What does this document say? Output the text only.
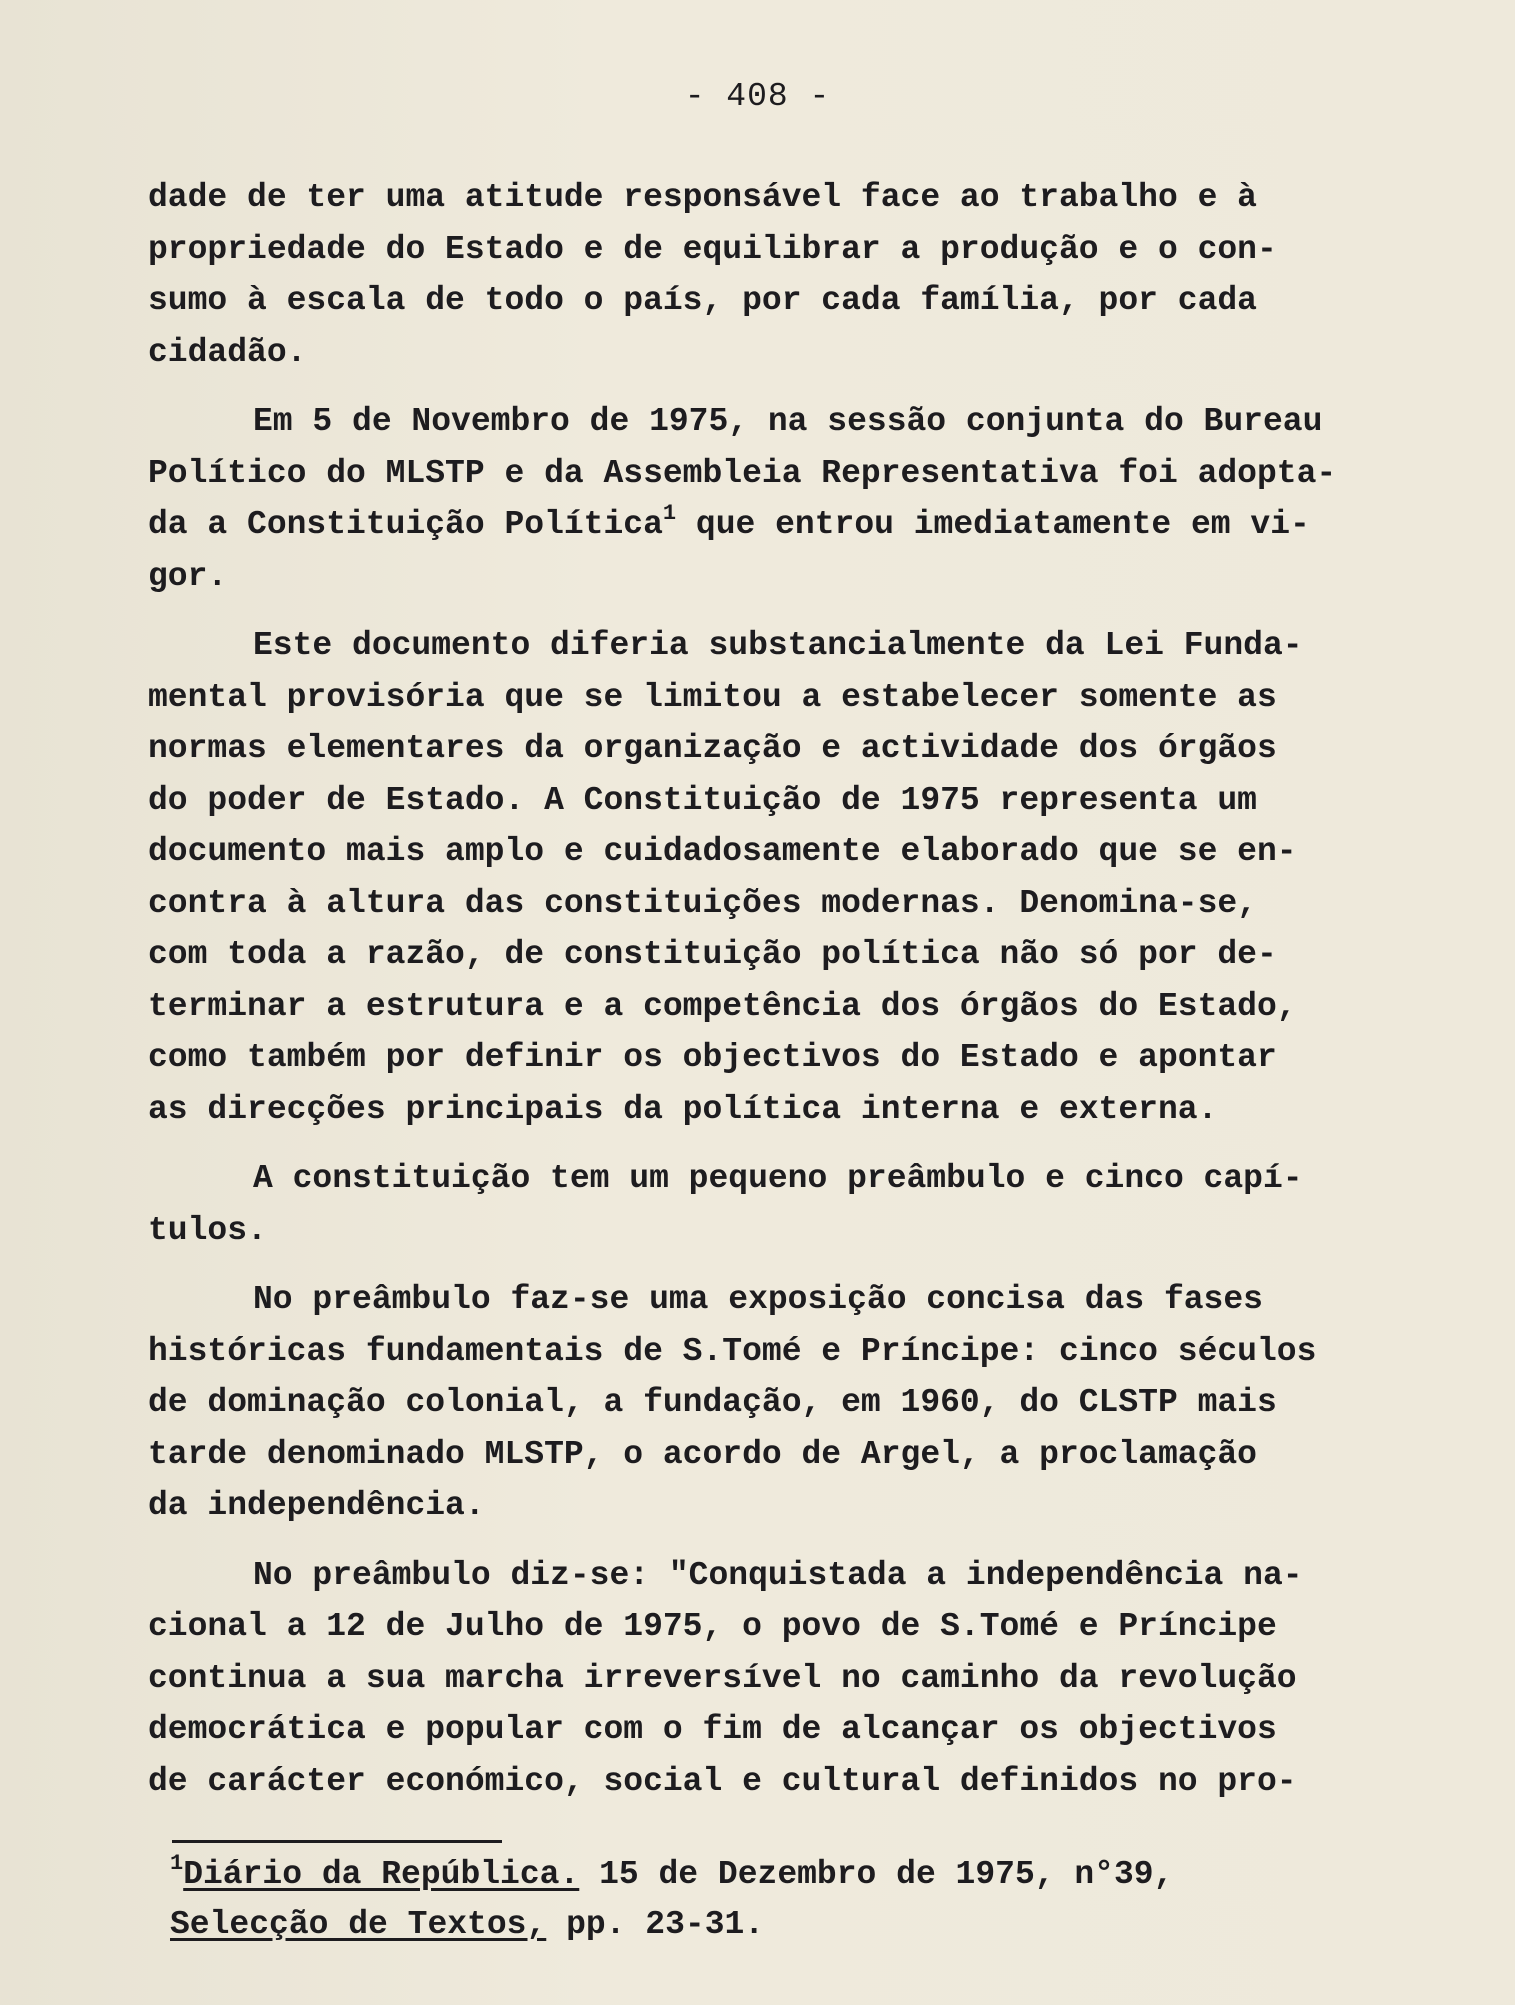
- 408 -
dade de ter uma atitude responsável face ao trabalho e à
propriedade do Estado e de equilibrar a produção e o con-
sumo à escala de todo o país, por cada família, por cada
cidadão.
Em 5 de Novembro de 1975, na sessão conjunta do Bureau
Político do MLSTP e da Assembleia Representativa foi adopta-
da a Constituição Política$^1$ que entrou imediatamente em vi-
gor.
Este documento diferia substancialmente da Lei Funda-
mental provisória que se limitou a estabelecer somente as
normas elementares da organização e actividade dos órgãos
do poder de Estado. A Constituição de 1975 representa um
documento mais amplo e cuidadosamente elaborado que se en-
contra à altura das constituições modernas. Denomina-se,
com toda a razão, de constituição política não só por de-
terminar a estrutura e a competência dos órgãos do Estado,
como também por definir os objectivos do Estado e apontar
as direcções principais da política interna e externa.
A constituição tem um pequeno preâmbulo e cinco capí-
tulos.
No preâmbulo faz-se uma exposição concisa das fases
históricas fundamentais de S.Tomé e Príncipe: cinco séculos
de dominação colonial, a fundação, em 1960, do CLSTP mais
tarde denominado MLSTP, o acordo de Argel, a proclamação
da independência.
No preâmbulo diz-se: "Conquistada a independência na-
cional a 12 de Julho de 1975, o povo de S.Tomé e Príncipe
continua a sua marcha irreversível no caminho da revolução
democrática e popular com o fim de alcançar os objectivos
de carácter económico, social e cultural definidos no pro-
$^1$Diário da República. 15 de Dezembro de 1975, n°39,
Selecção de Textos, pp. 23-31.
